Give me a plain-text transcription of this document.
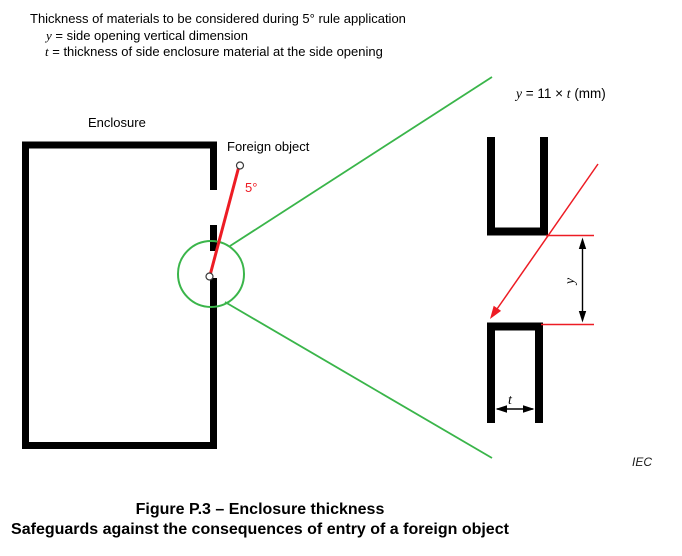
Thickness of materials to be considered during 5° rule application
y = side opening vertical dimension
t = thickness of side enclosure material at the side opening
Enclosure
Foreign object
5°
y = 11 × t (mm)
y
t
IEC
Figure P.3 – Enclosure thickness
Safeguards against the consequences of entry of a foreign object
